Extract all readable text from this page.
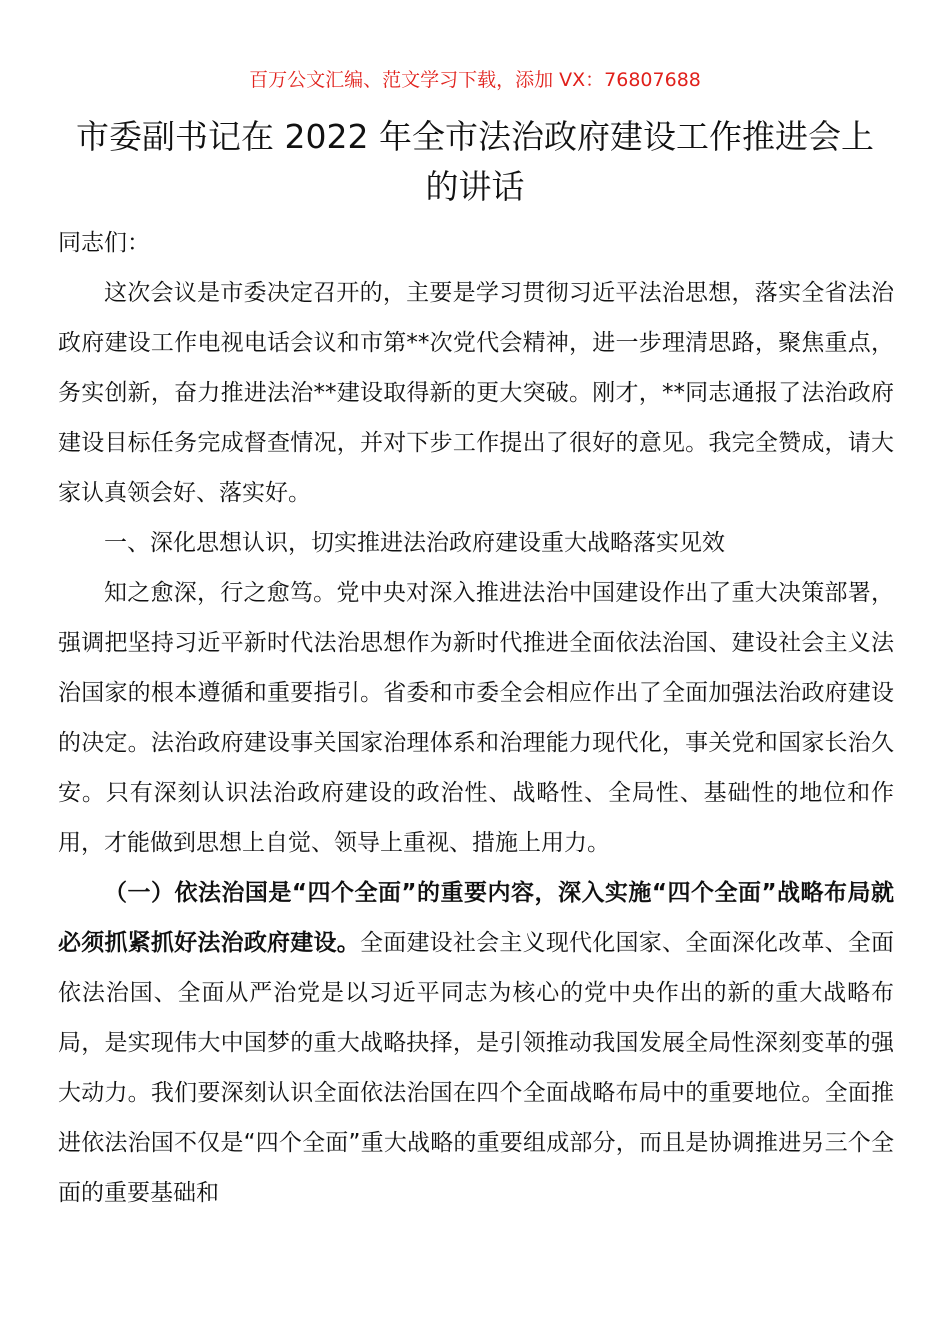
百万公文汇编、范文学习下载，添加 VX：76807688
市委副书记在 2022 年全市法治政府建设工作推进会上的讲话

同志们：

这次会议是市委决定召开的，主要是学习贯彻习近平法治思想，落实全省法治政府建设工作电视电话会议和市第**次党代会精神，进一步理清思路，聚焦重点，务实创新，奋力推进法治**建设取得新的更大突破。刚才，**同志通报了法治政府建设目标任务完成督查情况，并对下步工作提出了很好的意见。我完全赞成，请大家认真领会好、落实好。

一、深化思想认识，切实推进法治政府建设重大战略落实见效

知之愈深，行之愈笃。党中央对深入推进法治中国建设作出了重大决策部署，强调把坚持习近平新时代法治思想作为新时代推进全面依法治国、建设社会主义法治国家的根本遵循和重要指引。省委和市委全会相应作出了全面加强法治政府建设的决定。法治政府建设事关国家治理体系和治理能力现代化，事关党和国家长治久安。只有深刻认识法治政府建设的政治性、战略性、全局性、基础性的地位和作用，才能做到思想上自觉、领导上重视、措施上用力。

（一）依法治国是“四个全面”的重要内容，深入实施“四个全面”战略布局就必须抓紧抓好法治政府建设。全面建设社会主义现代化国家、全面深化改革、全面依法治国、全面从严治党是以习近平同志为核心的党中央作出的新的重大战略布局，是实现伟大中国梦的重大战略抉择，是引领推动我国发展全局性深刻变革的强大动力。我们要深刻认识全面依法治国在四个全面战略布局中的重要地位。全面推进依法治国不仅是“四个全面”重大战略的重要组成部分，而且是协调推进另三个全面的重要基础和
